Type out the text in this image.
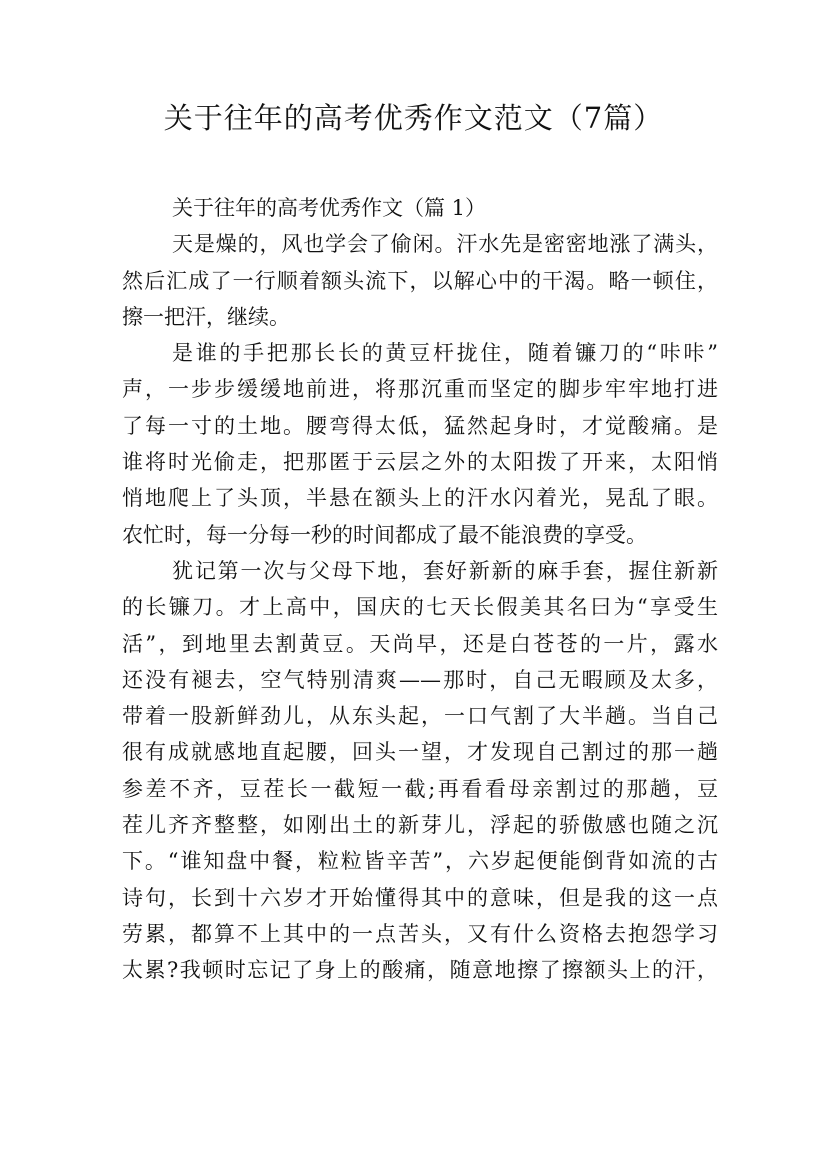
关于往年的高考优秀作文范文（7篇）
关于往年的高考优秀作文（篇 1）
天是燥的，风也学会了偷闲。汗水先是密密地涨了满头，
然后汇成了一行顺着额头流下，以解心中的干渴。略一顿住，
擦一把汗，继续。
是谁的手把那长长的黄豆杆拢住，随着镰刀的“咔咔”
声，一步步缓缓地前进，将那沉重而坚定的脚步牢牢地打进
了每一寸的土地。腰弯得太低，猛然起身时，才觉酸痛。是
谁将时光偷走，把那匿于云层之外的太阳拨了开来，太阳悄
悄地爬上了头顶，半悬在额头上的汗水闪着光，晃乱了眼。
农忙时，每一分每一秒的时间都成了最不能浪费的享受。
犹记第一次与父母下地，套好新新的麻手套，握住新新
的长镰刀。才上高中，国庆的七天长假美其名曰为“享受生
活”，到地里去割黄豆。天尚早，还是白苍苍的一片，露水
还没有褪去，空气特别清爽——那时，自己无暇顾及太多，
带着一股新鲜劲儿，从东头起，一口气割了大半趟。当自己
很有成就感地直起腰，回头一望，才发现自己割过的那一趟
参差不齐，豆茬长一截短一截;再看看母亲割过的那趟，豆
茬儿齐齐整整，如刚出土的新芽儿，浮起的骄傲感也随之沉
下。“谁知盘中餐，粒粒皆辛苦”，六岁起便能倒背如流的古
诗句，长到十六岁才开始懂得其中的意味，但是我的这一点
劳累，都算不上其中的一点苦头，又有什么资格去抱怨学习
太累?我顿时忘记了身上的酸痛，随意地擦了擦额头上的汗，
